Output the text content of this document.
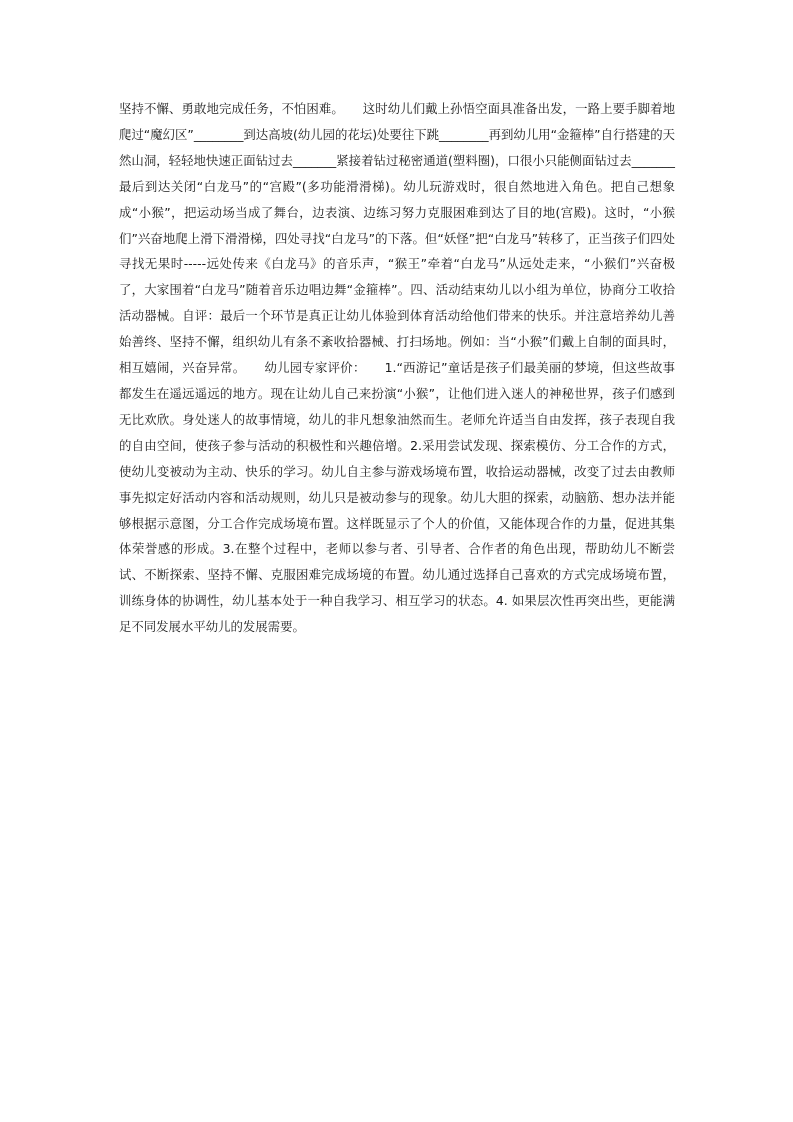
坚持不懈、勇敢地完成任务，不怕困难。　　这时幼儿们戴上孙悟空面具准备出发，一路上要手脚着地爬过“魔幻区”________到达高坡(幼儿园的花坛)处要往下跳________再到幼儿用“金箍棒”自行搭建的天然山洞，轻轻地快速正面钻过去_______紧接着钻过秘密通道(塑料圈)，口很小只能侧面钻过去_______最后到达关闭“白龙马”的“宫殿”(多功能滑滑梯)。幼儿玩游戏时，很自然地进入角色。把自己想象成“小猴”，把运动场当成了舞台，边表演、边练习努力克服困难到达了目的地(宫殿)。这时，“小猴们”兴奋地爬上滑下滑滑梯，四处寻找“白龙马”的下落。但“妖怪”把“白龙马”转移了，正当孩子们四处寻找无果时-----远处传来《白龙马》的音乐声，“猴王”牵着“白龙马”从远处走来，“小猴们”兴奋极了，大家围着“白龙马”随着音乐边唱边舞“金箍棒”。四、活动结束幼儿以小组为单位，协商分工收拾活动器械。自评：最后一个环节是真正让幼儿体验到体育活动给他们带来的快乐。并注意培养幼儿善始善终、坚持不懈，组织幼儿有条不紊收拾器械、打扫场地。例如：当“小猴”们戴上自制的面具时，相互嬉闹，兴奋异常。　　幼儿园专家评价：　　1.“西游记”童话是孩子们最美丽的梦境，但这些故事都发生在遥远遥远的地方。现在让幼儿自己来扮演“小猴”，让他们进入迷人的神秘世界，孩子们感到无比欢欣。身处迷人的故事情境，幼儿的非凡想象油然而生。老师允许适当自由发挥，孩子表现自我的自由空间，使孩子参与活动的积极性和兴趣倍增。2.采用尝试发现、探索模仿、分工合作的方式，使幼儿变被动为主动、快乐的学习。幼儿自主参与游戏场境布置，收拾运动器械，改变了过去由教师事先拟定好活动内容和活动规则，幼儿只是被动参与的现象。幼儿大胆的探索，动脑筋、想办法并能够根据示意图，分工合作完成场境布置。这样既显示了个人的价值，又能体现合作的力量，促进其集体荣誉感的形成。3.在整个过程中，老师以参与者、引导者、合作者的角色出现，帮助幼儿不断尝试、不断探索、坚持不懈、克服困难完成场境的布置。幼儿通过选择自己喜欢的方式完成场境布置，训练身体的协调性，幼儿基本处于一种自我学习、相互学习的状态。4. 如果层次性再突出些，更能满足不同发展水平幼儿的发展需要。
